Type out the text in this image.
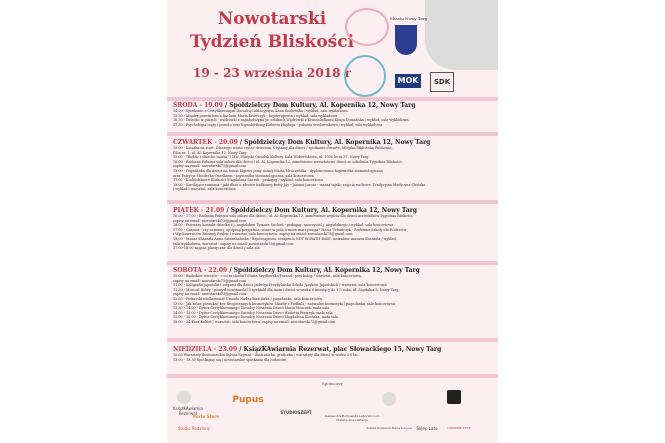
Nowotarski
Tydzień Bliskości
19 - 23 września 2018 r
Miasto Nowy Targ
MOK	SDK
ŚRODA - 19.09 / Spółdzielczy Dom Kultury, Al. Kopernika 12, Nowy Targ
14.00 - Spotkanie z Certyfikowanym Doradcą Laktacyjnym Anna Kozłowska / wykład, sala wykładowa
15.30 - Między pasem łoża a bachem Maria Krawczyk - fizjoterapeuta / wykład, sala wykładowa
16.30 - Dziecko w górach - wędrówki z najmłodszymi po szlakach Wędrówki z Krasnoludkami Kinga Domańska / wykład, sala wykładowa
17.30 - Psychologia ciąży i porodu oraz hipnobirthing Elżbieta Hajduga - położna środowiskowa / wykład, sala wykładowa
CZWARTEK - 20.09 / Spółdzielczy Dom Kultury, Al. Kopernika 12, Nowy Targ
10.00 - Książka na start. Dlaczego warto czytać dzieciom. Czytamy dla dzieci / spotkanie otwarte, Miejska Biblioteka Publiczna,
Filia nr. 1, ul. Al. Kopernika 12, Nowy Targ
15.00 - "Rodzic i dziecko razem" / Msc. Miejski Ośrodek Kultury, Sala Widowiskowa, ul. 1000 lecia 37, Nowy Targ
16.00 - Radosna Położna sala zabaw dla dzieci / ul. Al. Kopernika 12, zamówienie warsztatowe dzieci ze szkolenia Tygodnia Bliskości,
zapisy na email: nowotarski73@gmail.com
18.00 - Pogadanka dla dzieci na temat higieny jamy ustnej Maria Mroczeńska - dyplomowana higienistka stomatologiczna
oraz Patrycja Chudecka-Orzelkiem - asystentka stomatologiczna, sala koncertowa
17.00 - Kudziołekowe Bliskości Magdalena Szarek - pedagog / wykład, sala koncertowa
18.00 - Kreślające rumiana - jaki dbać o zdrowe badkowej Betty Joy - Joanna Jurczo - masaż tajski, zajęcia ruchowe, Tradycyjna Medycyna Chińska
/ wykład i warsztat, sala koncertowa
PIĄTEK - 21.09 / Spółdzielczy Dom Kultury, Al. Kopernika 12, Nowy Targ
16.00 - 17.00 - Radosna Położna sala zabaw dla dzieci / ul. Al. Kopernika 12, zamówienie wejścia dla dzieci uczestników Tygodnia Bliskości,
zapisy na email: nowotarski73@gmail.com
16.00 - Pierwszy kontakt dziecka z j. angielskim Tymara Sucheń - pedagog, nauczyciel j. angielskiego / wykład, sala koncertowa
17.00 - Granica - czy to mamy, ojczyznę przyjaźnia, wiaer w pola a może marzyniuga? Maria Urbańczyk - Rodzinne Szkoły dla Rodziców
i Wychowawców Rozinny Rodzic / warsztat, sala koncertowa, zapisy na email: nowotarski73@gmail.com
18.00 - Masaż Shantala Anna Sztarabałuska - fizjoterapeuta, terapeuta NDT BOBATH BABY, instruktor masażu Shantala / wykład,
sala wykładowa, warsztat - zapisy na email: nowotarski73@gmail.com
17.00-18.00 zajęcia plastyczne dla dzieci / sala ala
SOBOTA - 22.09 / Spółdzielczy Dom Kultury, Al. Kopernika 12, Nowy Targ
10.00 - Budzików wieczór - o co tu chodzi? Maria Szydłowska-Parand - psycholog / warsztat, sala koncertowa,
zapisy na email: nowotarski73@gmail.com
11.00 - Kaligrafia japońska i origami dla dzieci Jadwiga Przybylińska Szkoła Języków Japońskich / warsztat, sala koncertowa
11.30 - Musical Bobry - pomysł nowotarski73 spektakl dla mam i dzieci w wieku 6 miesięcy do 1,5 roku, ul. Szpitalna 8, Nowy Targ,
zapisy na email: nowotarski73@gmail.com
12.00 - Piekarski wielkiemiast Urszula Nadza-Bierońska / pogadanka, sala koncertowa
13.00 - Jak zobie poszukać bez drogocennych kosmetyków Skarby z Podhala - naturalne kosmetyki / pogadanka, sala koncertowa
13.30 - 14.00 - Dyżur Certyfikowanego Doradcy Noszenia Dzieci Maria Mroczek, mała sala
14.00 - 15.00 - Dyżur Certyfikowanego Doradcy Noszenia Dzieci Wioletta Pietrzyk, mała sala
15.00 - 16.00 - Dyżur Certyfikowanego Doradcy Noszenia Dzieci Magdalena Kicińska, mała sala
18.00 - 24 Kosz Kobiet / warsztat, sala koncertowa, zapisy na email: nowotarski73@gmail.com
NIEDZIELA - 23.09 / KsiążKAwiarnia Rezerwat, plac Słowackiego 15, Nowy Targ
10.00 Warsztaty ilustratorskie Sylwia Szymaś - ilustratorka, graficzka / warsztaty dla dzieci w wieku 3-6 lat,
13.00 - 13.30 Spotkajmy się / nowotarskie spotkania dla rodziców.
Sponsorzy
KsiążKAwiarnia Rezerwat
Porto Store
Pupus
STUDIOSZEPT
Aleksandra Borkowska Laboratorium Dietetyczne Laktacja
Studio Rodzinny	Szkoła Rodzenia Maria Lucyna	Sklep Lato	DOMOWE TOTE
